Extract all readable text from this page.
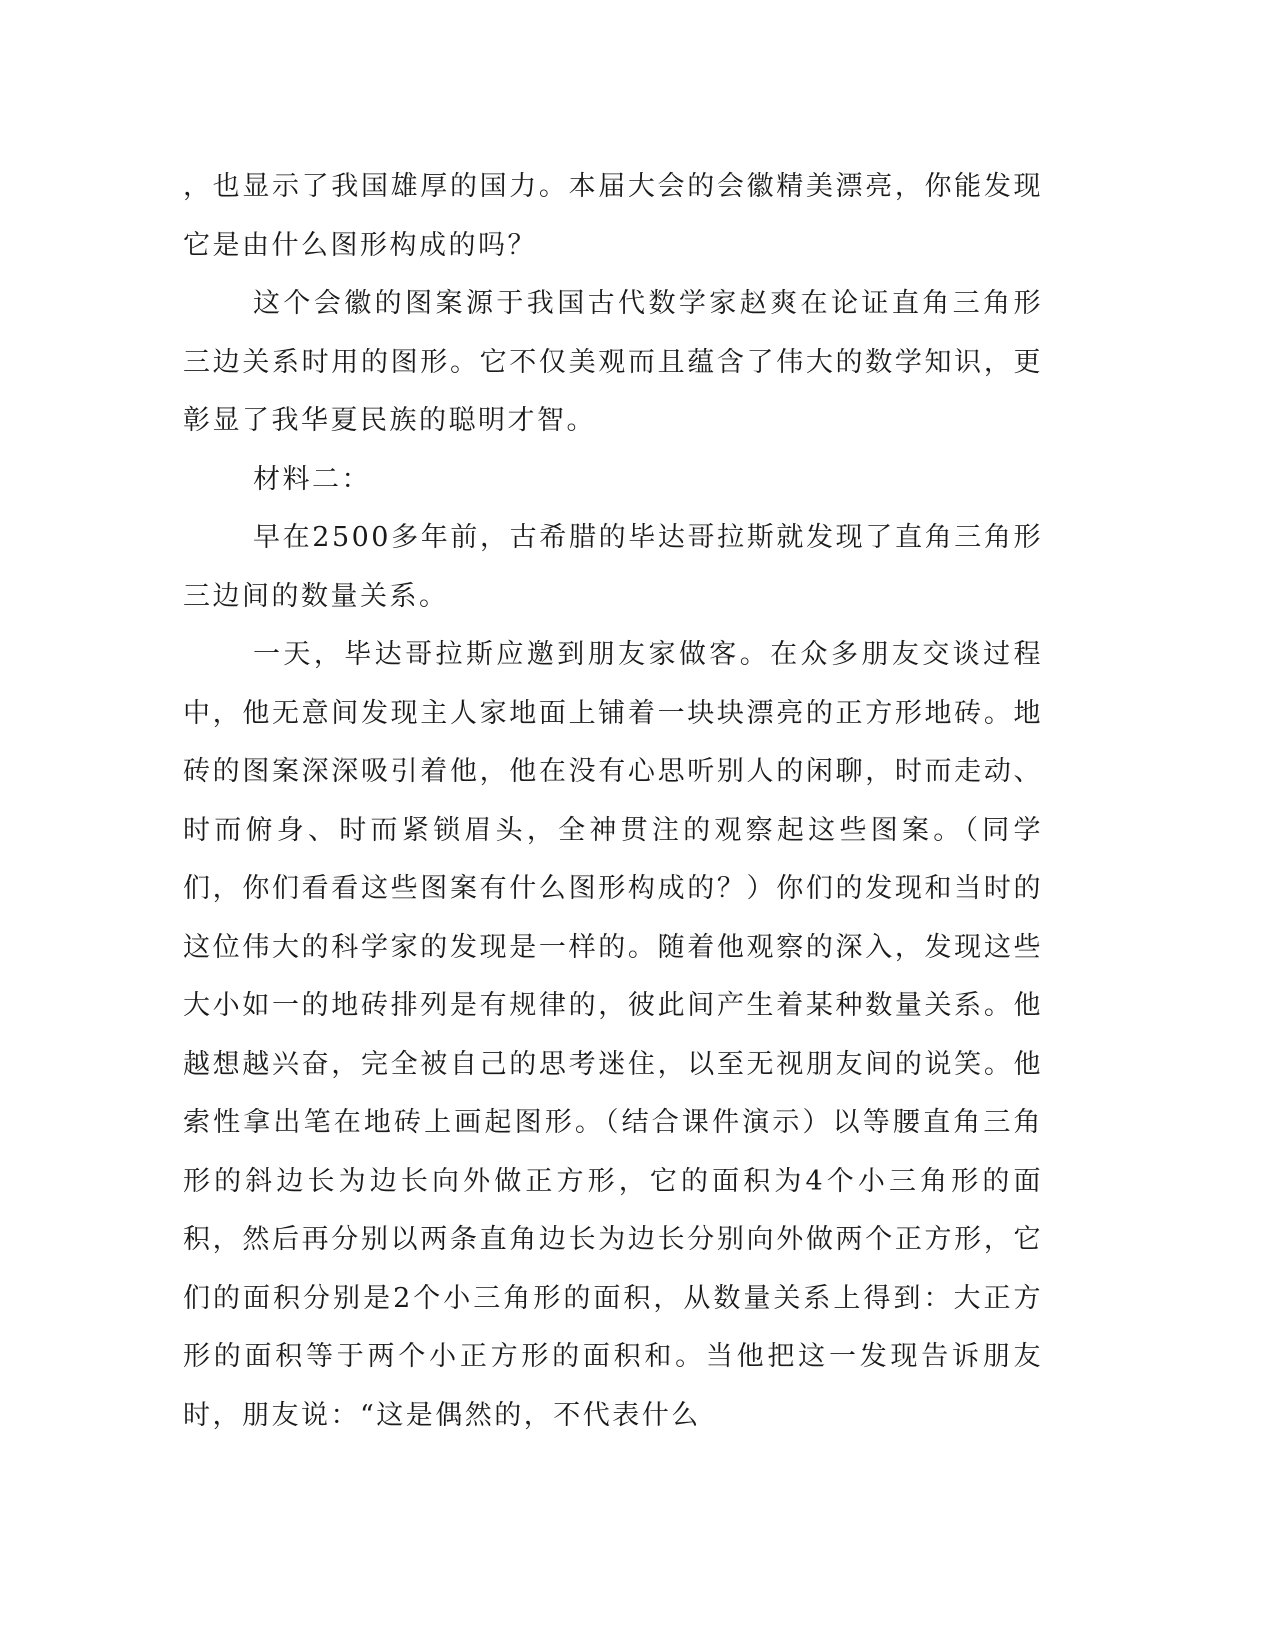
，也显示了我国雄厚的国力。本届大会的会徽精美漂亮，你能发现它是由什么图形构成的吗？

这个会徽的图案源于我国古代数学家赵爽在论证直角三角形三边关系时用的图形。它不仅美观而且蕴含了伟大的数学知识，更彰显了我华夏民族的聪明才智。

材料二：

早在2500多年前，古希腊的毕达哥拉斯就发现了直角三角形三边间的数量关系。

一天，毕达哥拉斯应邀到朋友家做客。在众多朋友交谈过程中，他无意间发现主人家地面上铺着一块块漂亮的正方形地砖。地砖的图案深深吸引着他，他在没有心思听别人的闲聊，时而走动、时而俯身、时而紧锁眉头，全神贯注的观察起这些图案。（同学们，你们看看这些图案有什么图形构成的？）你们的发现和当时的这位伟大的科学家的发现是一样的。随着他观察的深入，发现这些大小如一的地砖排列是有规律的，彼此间产生着某种数量关系。他越想越兴奋，完全被自己的思考迷住，以至无视朋友间的说笑。他索性拿出笔在地砖上画起图形。（结合课件演示）以等腰直角三角形的斜边长为边长向外做正方形，它的面积为4个小三角形的面积，然后再分别以两条直角边长为边长分别向外做两个正方形，它们的面积分别是2个小三角形的面积，从数量关系上得到：大正方形的面积等于两个小正方形的面积和。当他把这一发现告诉朋友时，朋友说：“这是偶然的，不代表什么
